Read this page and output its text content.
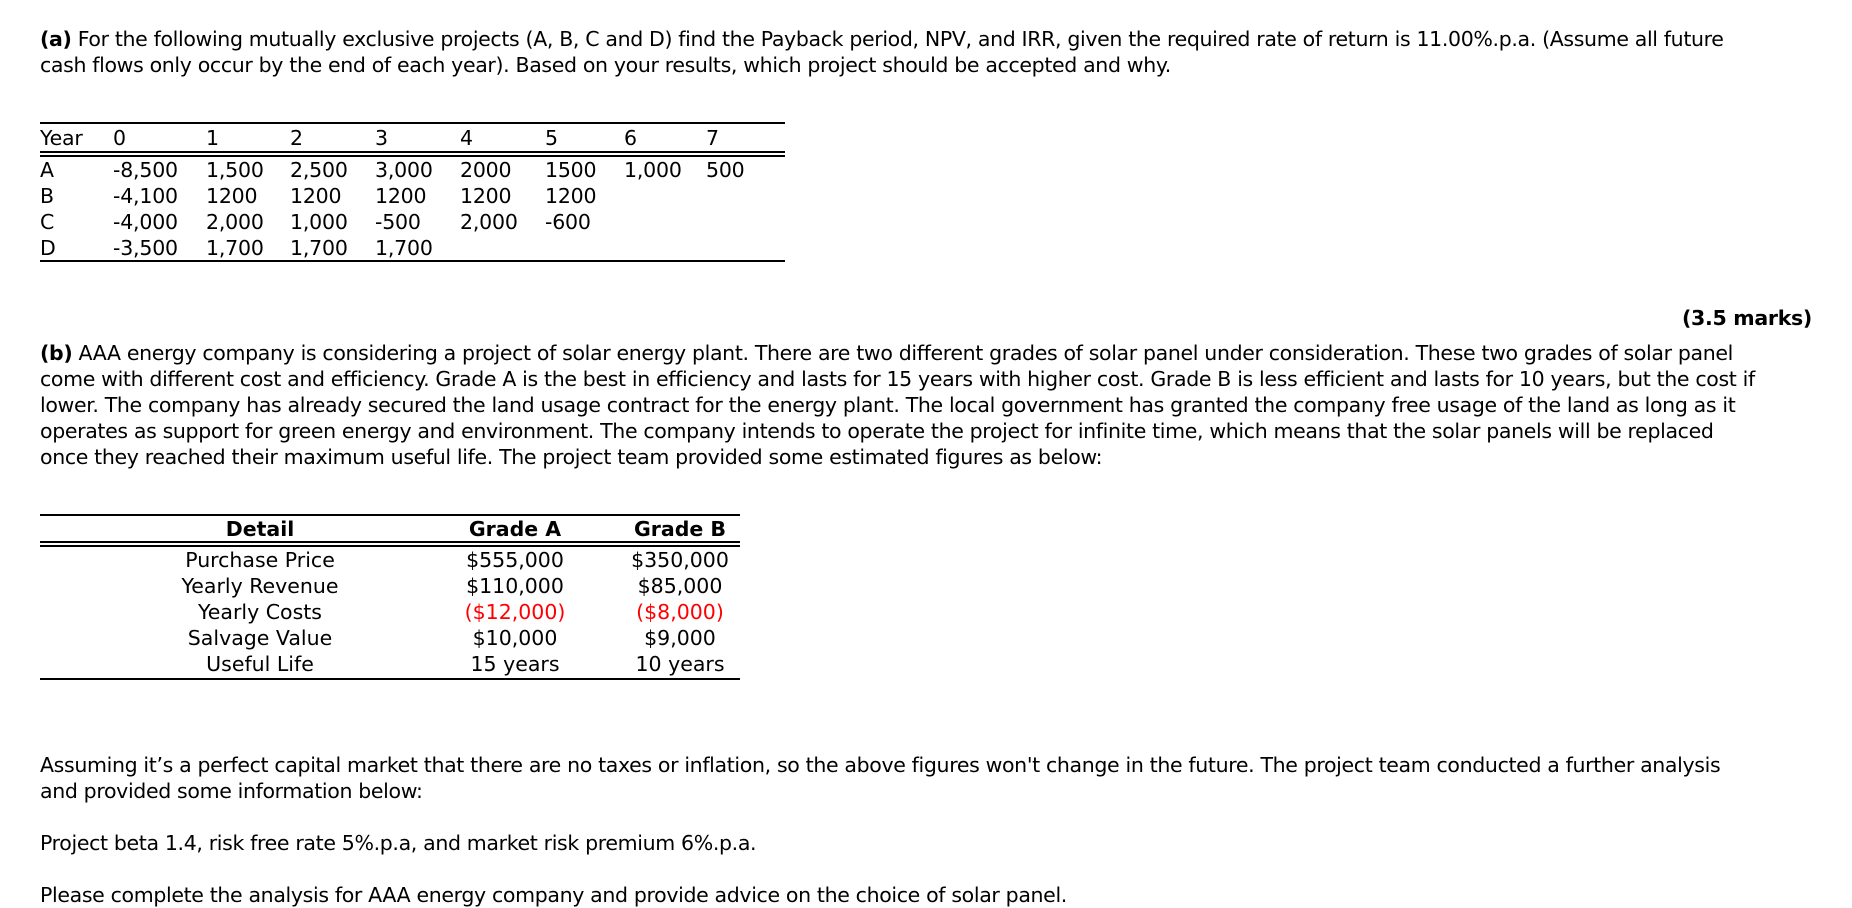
(a) For the following mutually exclusive projects (A, B, C and D) find the Payback period, NPV, and IRR, given the required rate of return is 11.00%.p.a. (Assume all future
cash flows only occur by the end of each year). Based on your results, which project should be accepted and why.
Year 0	1	2	3	4	5	6	7
A	-8,500 1,500 2,500 3,000 2000 1500 1,000 500
B	-4,100 1200 1200 1200 1200 1200
C	-4,000 2,000 1,000 -500 2,000 -600
D	-3,500 1,700 1,700 1,700
(3.5 marks)
(b) AAA energy company is considering a project of solar energy plant. There are two different grades of solar panel under consideration. These two grades of solar panel
come with different cost and efficiency. Grade A is the best in efficiency and lasts for 15 years with higher cost. Grade B is less efficient and lasts for 10 years, but the cost if
lower. The company has already secured the land usage contract for the energy plant. The local government has granted the company free usage of the land as long as it
operates as support for green energy and environment. The company intends to operate the project for infinite time, which means that the solar panels will be replaced
once they reached their maximum useful life. The project team provided some estimated figures as below:
Detail	Grade A	Grade B
Purchase Price	$555,000	$350,000
Yearly Revenue	$110,000	$85,000
Yearly Costs	($12,000)	($8,000)
Salvage Value	$10,000	$9,000
Useful Life	15 years	10 years
Assuming it’s a perfect capital market that there are no taxes or inflation, so the above figures won't change in the future. The project team conducted a further analysis
and provided some information below:
Project beta 1.4, risk free rate 5%.p.a, and market risk premium 6%.p.a.
Please complete the analysis for AAA energy company and provide advice on the choice of solar panel.
